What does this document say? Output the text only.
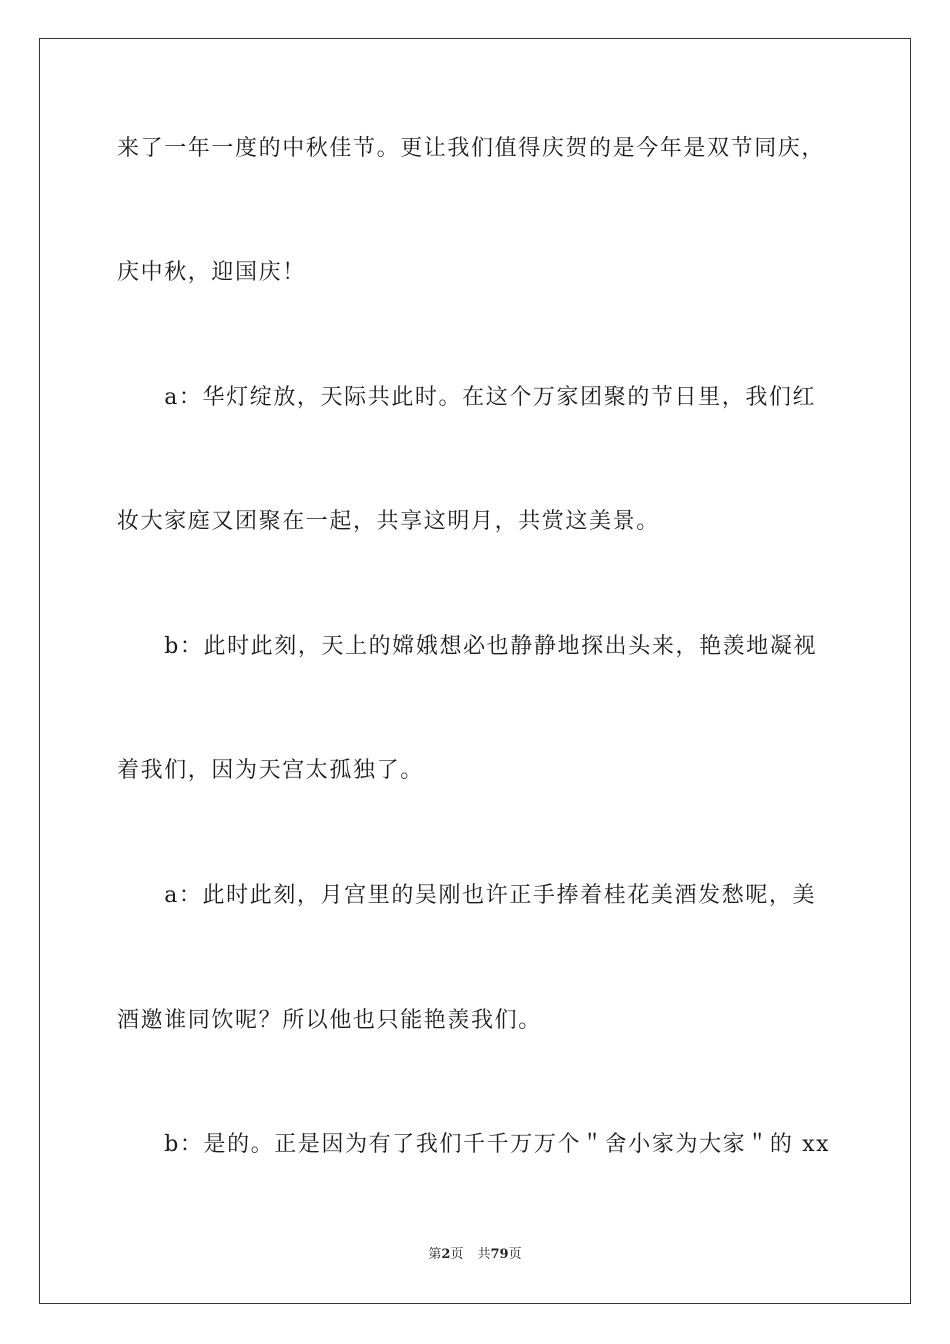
来了一年一度的中秋佳节。更让我们值得庆贺的是今年是双节同庆，
庆中秋，迎国庆！
　　a：华灯绽放，天际共此时。在这个万家团聚的节日里，我们红
妆大家庭又团聚在一起，共享这明月，共赏这美景。
　　b：此时此刻，天上的嫦娥想必也静静地探出头来，艳羡地凝视
着我们，因为天宫太孤独了。
　　a：此时此刻，月宫里的吴刚也许正手捧着桂花美酒发愁呢，美
酒邀谁同饮呢？所以他也只能艳羡我们。
　　b：是的。正是因为有了我们千千万万个＂舍小家为大家＂的 xx
第2页 共79页
